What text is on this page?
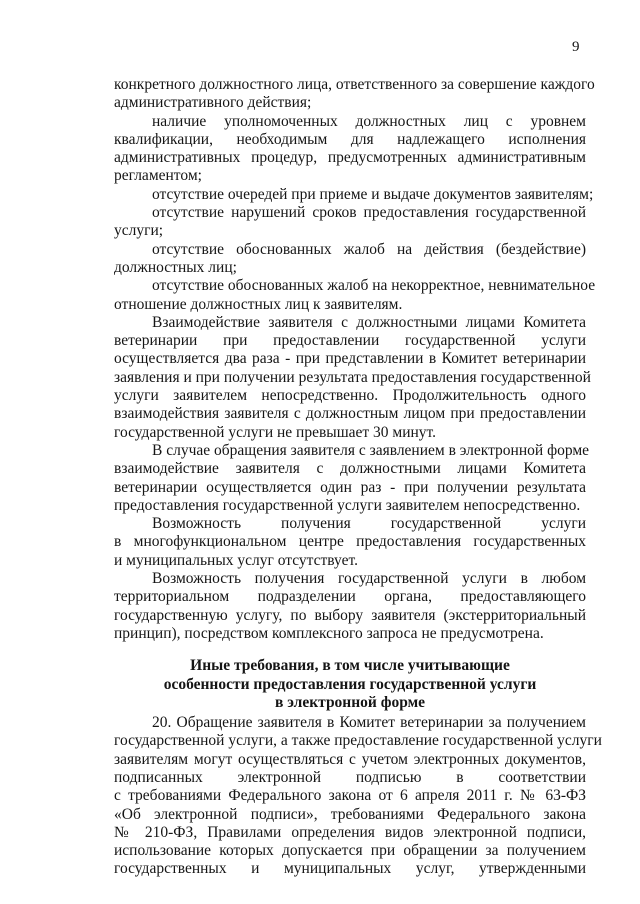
9

конкретного должностного лица, ответственного за совершение каждого
административного действия;

наличие уполномоченных должностных лиц с уровнем
квалификации, необходимым для надлежащего исполнения
административных процедур, предусмотренных административным
регламентом;

отсутствие очередей при приеме и выдаче документов заявителям;

отсутствие нарушений сроков предоставления государственной
услуги;

отсутствие обоснованных жалоб на действия (бездействие)
должностных лиц;

отсутствие обоснованных жалоб на некорректное, невнимательное
отношение должностных лиц к заявителям.

Взаимодействие заявителя с должностными лицами Комитета
ветеринарии при предоставлении государственной услуги
осуществляется два раза - при представлении в Комитет ветеринарии
заявления и при получении результата предоставления государственной
услуги заявителем непосредственно. Продолжительность одного
взаимодействия заявителя с должностным лицом при предоставлении
государственной услуги не превышает 30 минут.

В случае обращения заявителя с заявлением в электронной форме
взаимодействие заявителя с должностными лицами Комитета
ветеринарии осуществляется один раз - при получении результата
предоставления государственной услуги заявителем непосредственно.

Возможность получения государственной услуги
в многофункциональном центре предоставления государственных
и муниципальных услуг отсутствует.

Возможность получения государственной услуги в любом
территориальном подразделении органа, предоставляющего
государственную услугу, по выбору заявителя (экстерриториальный
принцип), посредством комплексного запроса не предусмотрена.

Иные требования, в том числе учитывающие
особенности предоставления государственной услуги
в электронной форме

20. Обращение заявителя в Комитет ветеринарии за получением
государственной услуги, а также предоставление государственной услуги
заявителям могут осуществляться с учетом электронных документов,
подписанных электронной подписью в соответствии
с требованиями Федерального закона от 6 апреля 2011 г. № 63-ФЗ
«Об электронной подписи», требованиями Федерального закона
№ 210-ФЗ, Правилами определения видов электронной подписи,
использование которых допускается при обращении за получением
государственных и муниципальных услуг, утвержденными
